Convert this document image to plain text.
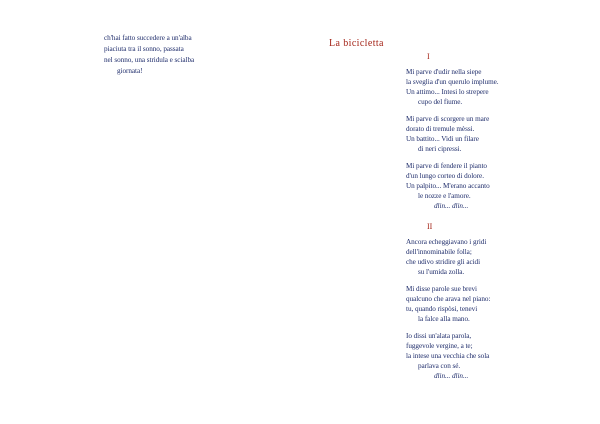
ch'hai fatto succedere a un'alba
piaciuta tra il sonno, passata
nel sonno, una stridula e scialba
giornata!
La bicicletta
I
Mi parve d'udir nella siepe
la sveglia d'un querulo implume.
Un attimo... Intesi lo strepere
cupo del fiume.
Mi parve di scorgere un mare
dorato di tremule mèssi.
Un battito... Vidi un filare
di neri cipressi.
Mi parve di fendere il pianto
d'un lungo corteo di dolore.
Un palpito... M'erano accanto
le nozze e l'amore.
dlin... dlin...
II
Ancora echeggiavano i gridi
dell'innominabile folla;
che udivo stridire gli acidi
su l'umida zolla.
Mi disse parole sue brevi
qualcuno che arava nel piano:
tu, quando rispòsi, tenevi
la falce alla mano.
Io dissi un'alata parola,
fuggevole vergine, a te;
la intese una vecchia che sola
parlava con sé.
dlin... dlin...
